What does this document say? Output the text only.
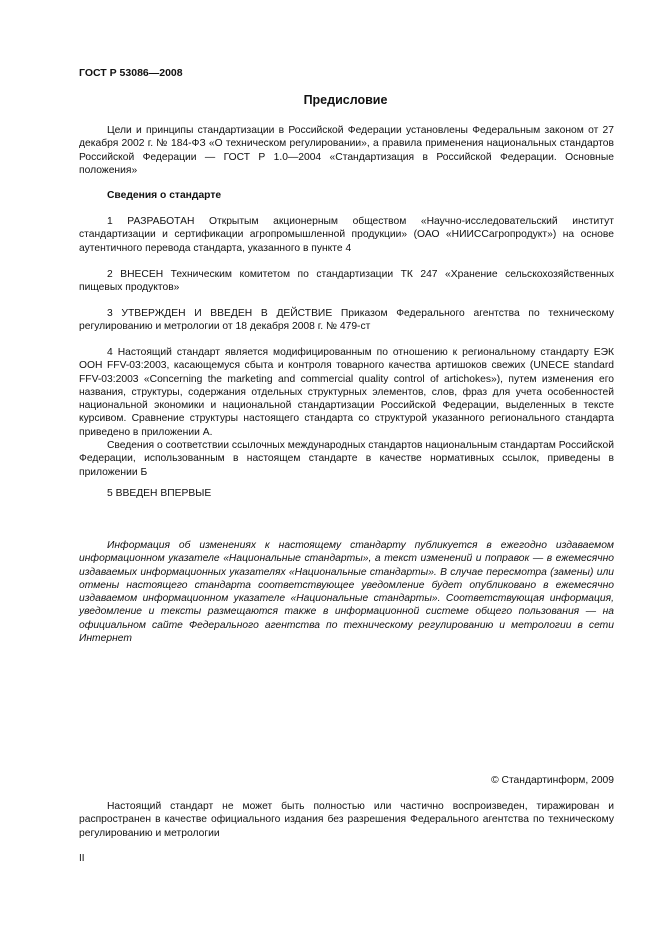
ГОСТ Р 53086—2008
Предисловие

Цели и принципы стандартизации в Российской Федерации установлены Федеральным законом от 27 декабря 2002 г. № 184-ФЗ «О техническом регулировании», а правила применения национальных стандартов Российской Федерации — ГОСТ Р 1.0—2004 «Стандартизация в Российской Федерации. Основные положения»

Сведения о стандарте

1 РАЗРАБОТАН Открытым акционерным обществом «Научно-исследовательский институт стандартизации и сертификации агропромышленной продукции» (ОАО «НИИССагропродукт») на основе аутентичного перевода стандарта, указанного в пункте 4

2 ВНЕСЕН Техническим комитетом по стандартизации ТК 247 «Хранение сельскохозяйственных пищевых продуктов»

3 УТВЕРЖДЕН И ВВЕДЕН В ДЕЙСТВИЕ Приказом Федерального агентства по техническому регулированию и метрологии от 18 декабря 2008 г. № 479-ст

4 Настоящий стандарт является модифицированным по отношению к региональному стандарту ЕЭК ООН FFV-03:2003, касающемуся сбыта и контроля товарного качества артишоков свежих (UNECE standard FFV-03:2003 «Concerning the marketing and commercial quality control of artichokes»), путем изменения его названия, структуры, содержания отдельных структурных элементов, слов, фраз для учета особенностей национальной экономики и национальной стандартизации Российской Федерации, выделенных в тексте курсивом. Сравнение структуры настоящего стандарта со структурой указанного регионального стандарта приведено в приложении А.

Сведения о соответствии ссылочных международных стандартов национальным стандартам Российской Федерации, использованным в настоящем стандарте в качестве нормативных ссылок, приведены в приложении Б

5 ВВЕДЕН ВПЕРВЫЕ

Информация об изменениях к настоящему стандарту публикуется в ежегодно издаваемом информационном указателе «Национальные стандарты», а текст изменений и поправок — в ежемесячно издаваемых информационных указателях «Национальные стандарты». В случае пересмотра (замены) или отмены настоящего стандарта соответствующее уведомление будет опубликовано в ежемесячно издаваемом информационном указателе «Национальные стандарты». Соответствующая информация, уведомление и тексты размещаются также в информационной системе общего пользования — на официальном сайте Федерального агентства по техническому регулированию и метрологии в сети Интернет

© Стандартинформ, 2009

Настоящий стандарт не может быть полностью или частично воспроизведен, тиражирован и распространен в качестве официального издания без разрешения Федерального агентства по техническому регулированию и метрологии

II
